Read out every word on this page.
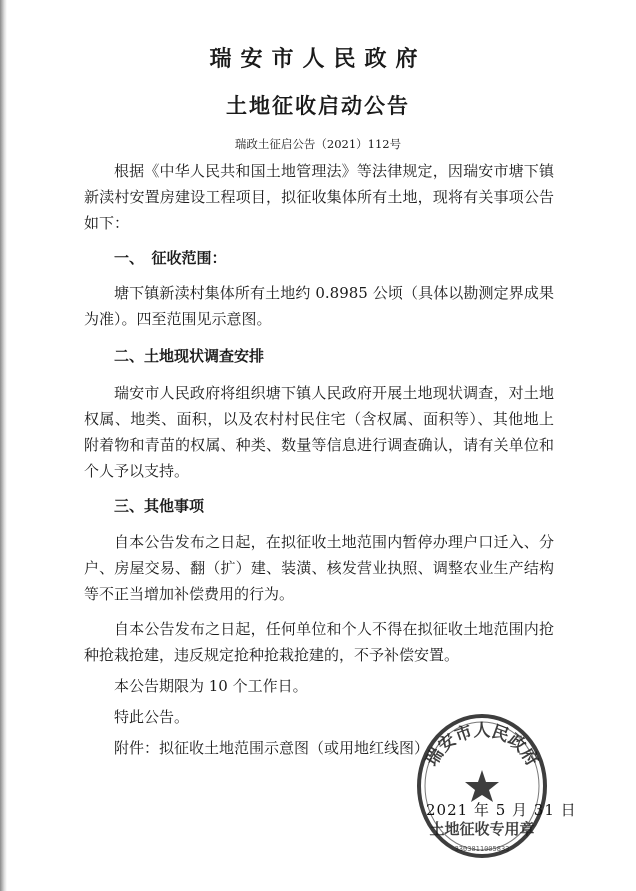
瑞安市人民政府
土地征收启动公告
瑞政土征启公告（2021）112号

根据《中华人民共和国土地管理法》等法律规定，因瑞安市塘下镇新渎村安置房建设工程项目，拟征收集体所有土地，现将有关事项公告如下：

一、　征收范围：

塘下镇新渎村集体所有土地约 0.8985 公顷（具体以勘测定界成果为准）。四至范围见示意图。

二、土地现状调查安排

瑞安市人民政府将组织塘下镇人民政府开展土地现状调查，对土地权属、地类、面积，以及农村村民住宅（含权属、面积等）、其他地上附着物和青苗的权属、种类、数量等信息进行调查确认，请有关单位和个人予以支持。

三、其他事项

自本公告发布之日起，在拟征收土地范围内暂停办理户口迁入、分户、房屋交易、翻（扩）建、装潢、核发营业执照、调整农业生产结构等不正当增加补偿费用的行为。

自本公告发布之日起，任何单位和个人不得在拟征收土地范围内抢种抢栽抢建，违反规定抢种抢栽抢建的，不予补偿安置。

本公告期限为 10 个工作日。

特此公告。

附件：拟征收土地范围示意图（或用地红线图）

瑞安市人民政府
土地征收专用章
3303811005833
2021 年 5 月 31 日
